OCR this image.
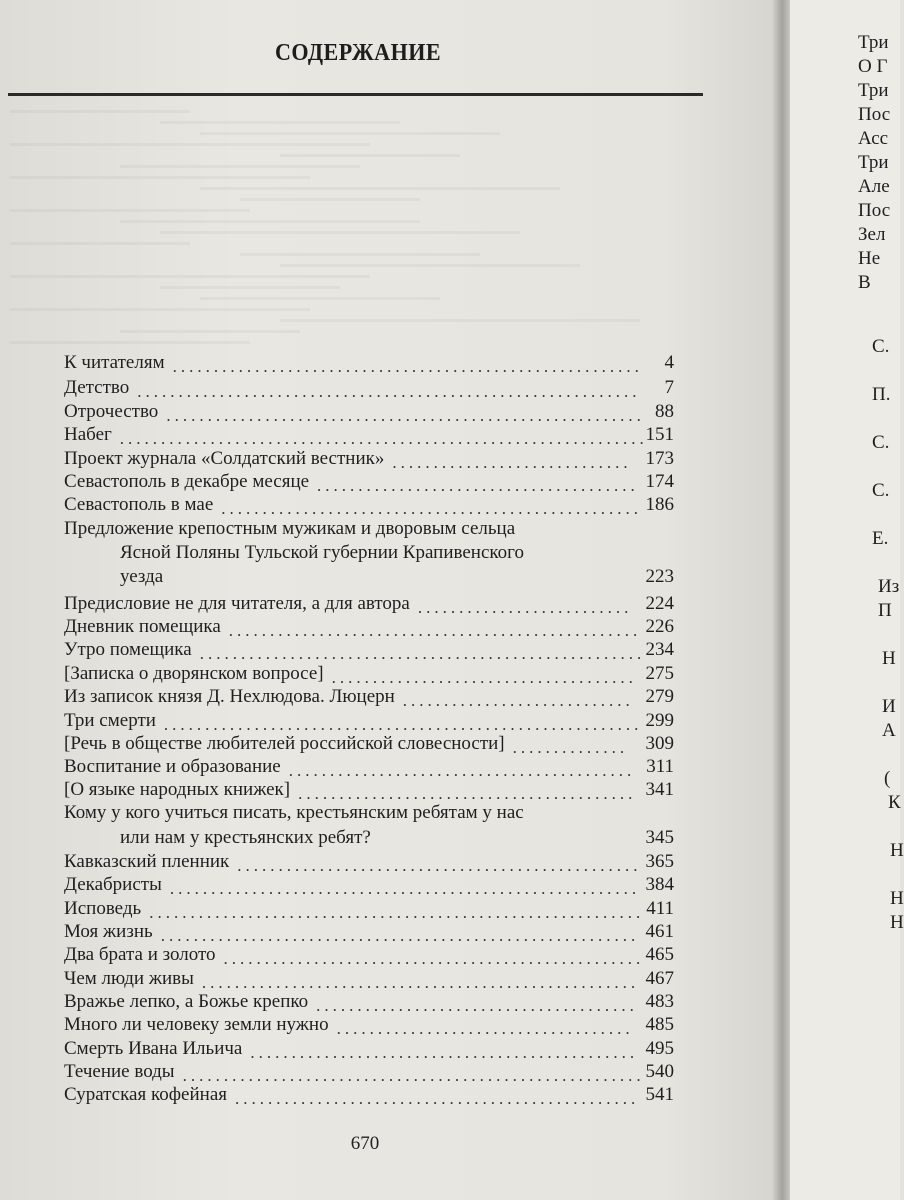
СОДЕРЖАНИЕ
К читателям	4
.........................................................
Детство	7
.............................................................
Отрочество	88
..........................................................
Набег	151
................................................................
Проект журнала «Солдатский вестник»	173
.............................
Севастополь в декабре месяце	174
.......................................
Севастополь в мае	186
...................................................
Предложение крепостным мужикам и дворовым сельца
Ясной Поляны Тульской губернии Крапивенского
уезда	223
Предисловие не для читателя, а для автора	224
..........................
Дневник помещика	226
..................................................
Утро помещика	234
......................................................
[Записка о дворянском вопросе]	275
.....................................
Из записок князя Д. Нехлюдова. Люцерн	279
............................
Три смерти	299
..........................................................
[Речь в обществе любителей российской словесности]	309
..............
Воспитание и образование	311
..........................................
[О языке народных книжек]	341
.........................................
Кому у кого учиться писать, крестьянским ребятам у нас
или нам у крестьянских ребят?	345
Кавказский пленник	365
.................................................
Декабристы	384
.........................................................
Исповедь	411
............................................................
Моя жизнь	461
..........................................................
Два брата и золото	465
...................................................
Чем люди живы	467
.....................................................
Вражье лепко, а Божье крепко	483
.......................................
Много ли человеку земли нужно	485
....................................
Смерть Ивана Ильича	495
...............................................
Течение воды	540
........................................................
Суратская кофейная	541
.................................................
670
Три
О Г
Три
Пос
Асс
Три
Але
Пос
Зел
Не
В
С.
П.
С.
С.
Е.
Из
П
Н
И
А
(
К
Н
Н
Н
